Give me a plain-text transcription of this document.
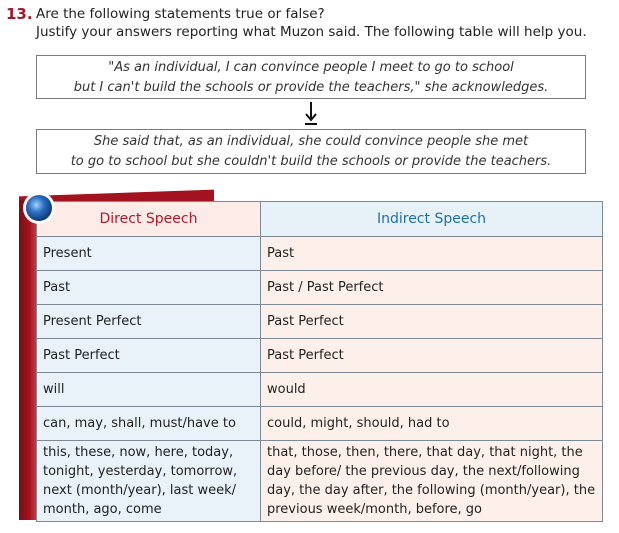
13. Are the following statements true or false?
Justify your answers reporting what Muzon said. The following table will help you.
"As an individual, I can convince people I meet to go to school
but I can't build the schools or provide the teachers," she acknowledges.
She said that, as an individual, she could convince people she met
to go to school but she couldn't build the schools or provide the teachers.
Direct Speech	Indirect Speech
Present	Past
Past	Past / Past Perfect
Present Perfect	Past Perfect
Past Perfect	Past Perfect
will	would
can, may, shall, must/have to	could, might, should, had to
this, these, now, here, today, tonight, yesterday, tomorrow, next (month/year), last week/ month, ago, come	that, those, then, there, that day, that night, the day before/ the previous day, the next/following day, the day after, the following (month/year), the previous week/month, before, go
